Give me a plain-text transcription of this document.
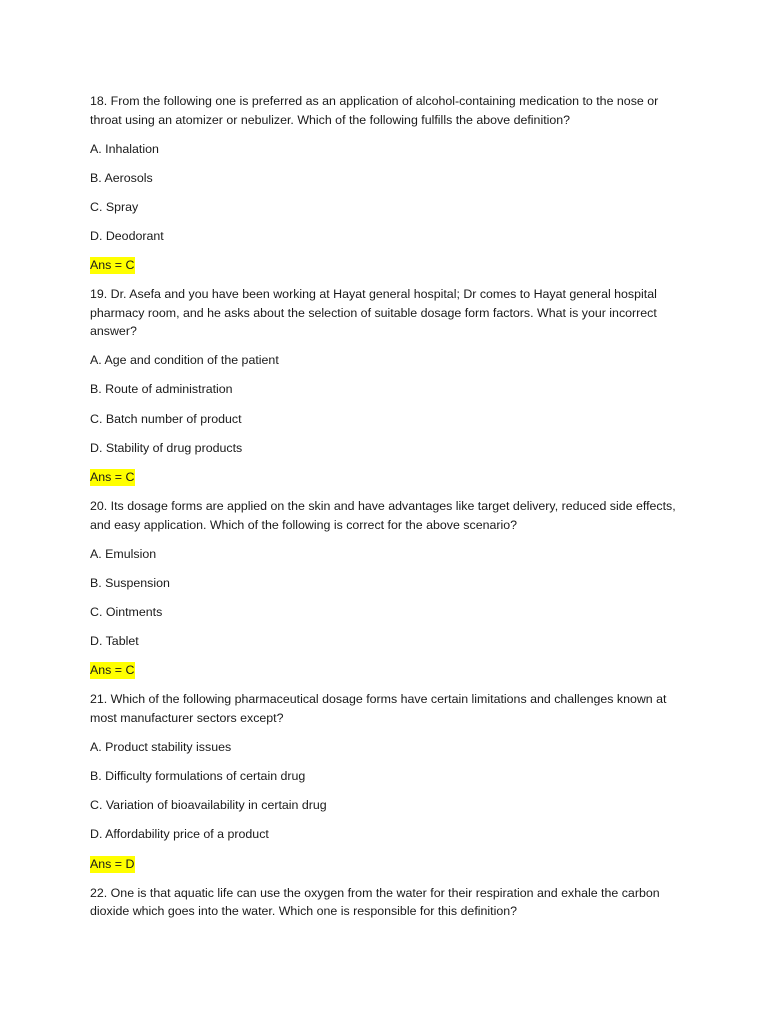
18. From the following one is preferred as an application of alcohol-containing medication to the nose or throat using an atomizer or nebulizer. Which of the following fulfills the above definition?

A. Inhalation

B. Aerosols

C. Spray

D. Deodorant

Ans = C

19. Dr. Asefa and you have been working at Hayat general hospital; Dr comes to Hayat general hospital pharmacy room, and he asks about the selection of suitable dosage form factors. What is your incorrect answer?

A. Age and condition of the patient

B. Route of administration

C. Batch number of product

D. Stability of drug products

Ans = C

20. Its dosage forms are applied on the skin and have advantages like target delivery, reduced side effects, and easy application. Which of the following is correct for the above scenario?

A. Emulsion

B. Suspension

C. Ointments

D. Tablet

Ans = C

21. Which of the following pharmaceutical dosage forms have certain limitations and challenges known at most manufacturer sectors except?

A. Product stability issues

B. Difficulty formulations of certain drug

C. Variation of bioavailability in certain drug

D. Affordability price of a product

Ans = D

22. One is that aquatic life can use the oxygen from the water for their respiration and exhale the carbon dioxide which goes into the water. Which one is responsible for this definition?
